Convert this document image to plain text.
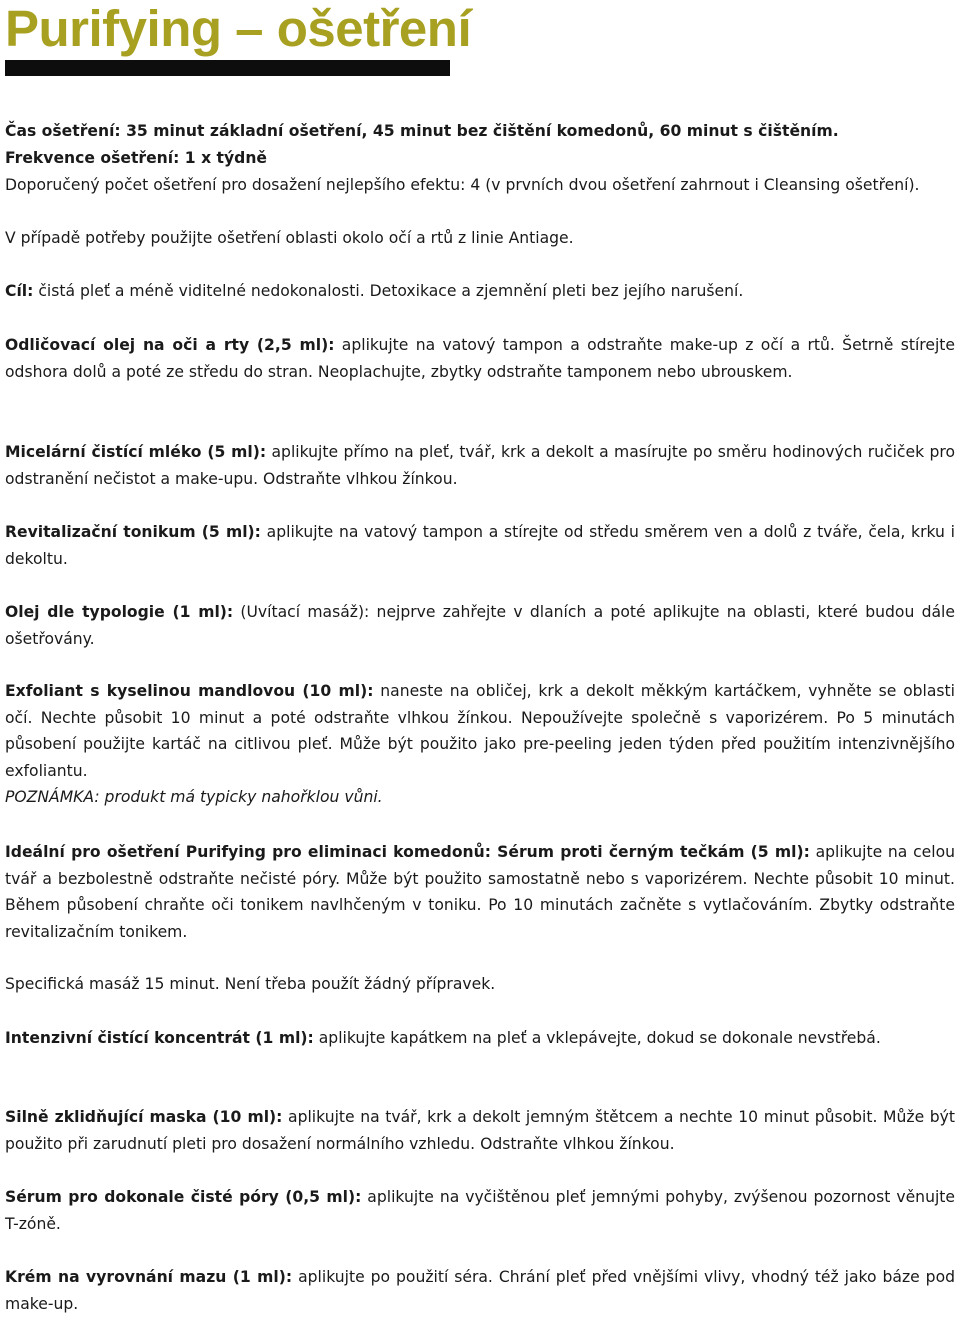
Purifying – ošetření

Čas ošetření: 35 minut základní ošetření, 45 minut bez čištění komedonů, 60 minut s čištěním.

Frekvence ošetření: 1 x týdně

Doporučený počet ošetření pro dosažení nejlepšího efektu: 4 (v prvních dvou ošetření zahrnout i Cleansing ošetření).

V případě potřeby použijte ošetření oblasti okolo očí a rtů z linie Antiage.

Cíl: čistá pleť a méně viditelné nedokonalosti. Detoxikace a zjemnění pleti bez jejího narušení.

Odličovací olej na oči a rty (2,5 ml): aplikujte na vatový tampon a odstraňte make-up z očí a rtů. Šetrně stírejte odshora dolů a poté ze středu do stran. Neoplachujte, zbytky odstraňte tamponem nebo ubrouskem.

Micelární čistící mléko (5 ml): aplikujte přímo na pleť, tvář, krk a dekolt a masírujte po směru hodinových ručiček pro odstranění nečistot a make-upu. Odstraňte vlhkou žínkou.

Revitalizační tonikum (5 ml): aplikujte na vatový tampon a stírejte od středu směrem ven a dolů z tváře, čela, krku i dekoltu.

Olej dle typologie (1 ml): (Uvítací masáž): nejprve zahřejte v dlaních a poté aplikujte na oblasti, které budou dále ošetřovány.

Exfoliant s kyselinou mandlovou (10 ml): naneste na obličej, krk a dekolt měkkým kartáčkem, vyhněte se oblasti očí. Nechte působit 10 minut a poté odstraňte vlhkou žínkou. Nepoužívejte společně s vaporizérem. Po 5 minutách působení použijte kartáč na citlivou pleť. Může být použito jako pre-peeling jeden týden před použitím intenzivnějšího exfoliantu.
POZNÁMKA: produkt má typicky nahořklou vůni.

Ideální pro ošetření Purifying pro eliminaci komedonů: Sérum proti černým tečkám (5 ml): aplikujte na celou tvář a bezbolestně odstraňte nečisté póry. Může být použito samostatně nebo s vaporizérem. Nechte působit 10 minut. Během působení chraňte oči tonikem navlhčeným v toniku. Po 10 minutách začněte s vytlačováním. Zbytky odstraňte revitalizačním tonikem.

Specifická masáž 15 minut. Není třeba použít žádný přípravek.

Intenzivní čistící koncentrát (1 ml): aplikujte kapátkem na pleť a vklepávejte, dokud se dokonale nevstřebá.

Silně zklidňující maska (10 ml): aplikujte na tvář, krk a dekolt jemným štětcem a nechte 10 minut působit. Může být použito při zarudnutí pleti pro dosažení normálního vzhledu. Odstraňte vlhkou žínkou.

Sérum pro dokonale čisté póry (0,5 ml): aplikujte na vyčištěnou pleť jemnými pohyby, zvýšenou pozornost věnujte T-zóně.

Krém na vyrovnání mazu (1 ml): aplikujte po použití séra. Chrání pleť před vnějšími vlivy, vhodný též jako báze pod make-up.
